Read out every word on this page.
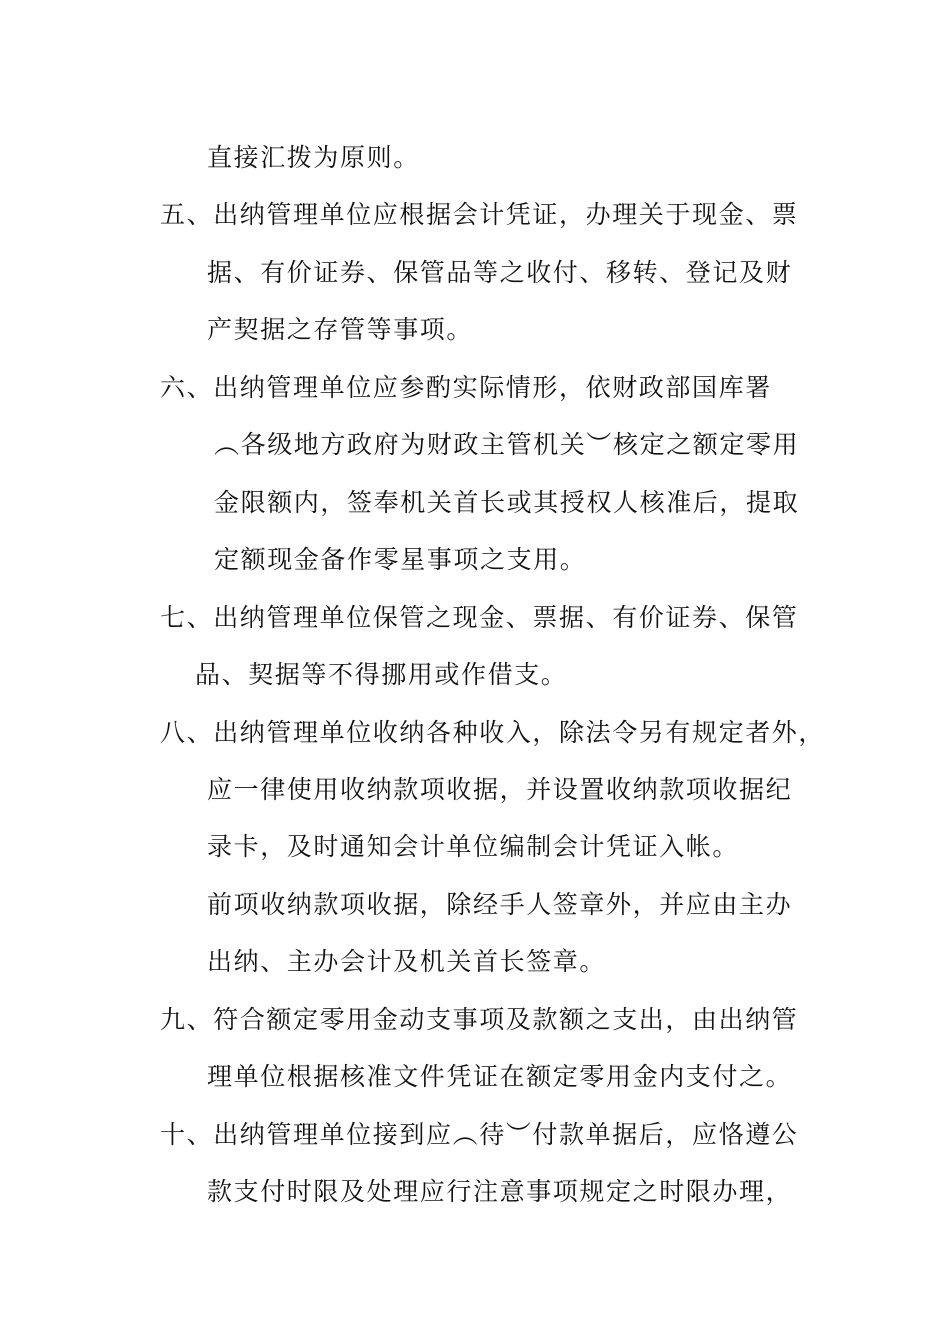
直接汇拨为原则。
五、出纳管理单位应根据会计凭证，办理关于现金、票
据、有价证券、保管品等之收付、移转、登记及财
产契据之存管等事项。
六、出纳管理单位应参酌实际情形，依财政部国库署
︵各级地方政府为财政主管机关︶核定之额定零用
金限额内，签奉机关首长或其授权人核准后，提取
定额现金备作零星事项之支用。
七、出纳管理单位保管之现金、票据、有价证券、保管
品、契据等不得挪用或作借支。
八、出纳管理单位收纳各种收入，除法令另有规定者外，
应一律使用收纳款项收据，并设置收纳款项收据纪
录卡，及时通知会计单位编制会计凭证入帐。
前项收纳款项收据，除经手人签章外，并应由主办
出纳、主办会计及机关首长签章。
九、符合额定零用金动支事项及款额之支出，由出纳管
理单位根据核准文件凭证在额定零用金内支付之。
十、出纳管理单位接到应︵待︶付款单据后，应恪遵公
款支付时限及处理应行注意事项规定之时限办理，
